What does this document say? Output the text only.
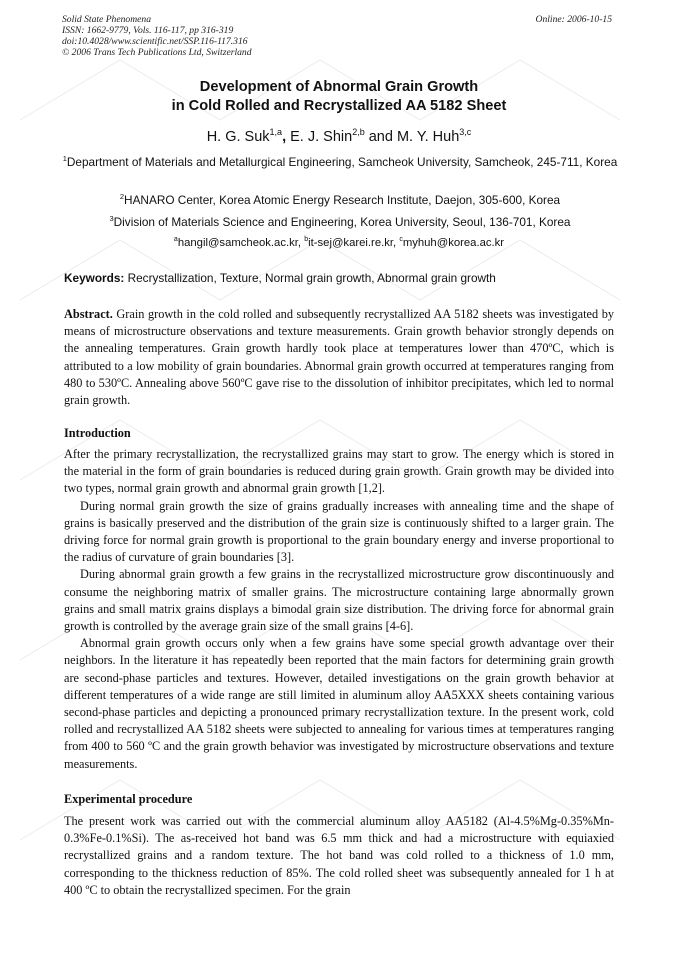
Solid State Phenomena
ISSN: 1662-9779, Vols. 116-117, pp 316-319
doi:10.4028/www.scientific.net/SSP.116-117.316
© 2006 Trans Tech Publications Ltd, Switzerland
Online: 2006-10-15
Development of Abnormal Grain Growth
in Cold Rolled and Recrystallized AA 5182 Sheet
H. G. Suk$^{1,a}$, E. J. Shin$^{2,b}$ and M. Y. Huh$^{3,c}$
$^1$Department of Materials and Metallurgical Engineering, Samcheok University, Samcheok, 245-711, Korea
$^2$HANARO Center, Korea Atomic Energy Research Institute, Daejon, 305-600, Korea
$^3$Division of Materials Science and Engineering, Korea University, Seoul, 136-701, Korea
$^a$hangil@samcheok.ac.kr, $^b$it-sej@karei.re.kr, $^c$myhuh@korea.ac.kr
Keywords: Recrystallization, Texture, Normal grain growth, Abnormal grain growth

Abstract. Grain growth in the cold rolled and subsequently recrystallized AA 5182 sheets was investigated by means of microstructure observations and texture measurements. Grain growth behavior strongly depends on the annealing temperatures. Grain growth hardly took place at temperatures lower than 470ºC, which is attributed to a low mobility of grain boundaries. Abnormal grain growth occurred at temperatures ranging from 480 to 530ºC. Annealing above 560ºC gave rise to the dissolution of inhibitor precipitates, which led to normal grain growth.

Introduction

After the primary recrystallization, the recrystallized grains may start to grow. The energy which is stored in the material in the form of grain boundaries is reduced during grain growth. Grain growth may be divided into two types, normal grain growth and abnormal grain growth [1,2].

During normal grain growth the size of grains gradually increases with annealing time and the shape of grains is basically preserved and the distribution of the grain size is continuously shifted to a larger grain. The driving force for normal grain growth is proportional to the grain boundary energy and inverse proportional to the radius of curvature of grain boundaries [3].

During abnormal grain growth a few grains in the recrystallized microstructure grow discontinuously and consume the neighboring matrix of smaller grains. The microstructure containing large abnormally grown grains and small matrix grains displays a bimodal grain size distribution. The driving force for abnormal grain growth is controlled by the average grain size of the small grains [4-6].

Abnormal grain growth occurs only when a few grains have some special growth advantage over their neighbors. In the literature it has repeatedly been reported that the main factors for determining grain growth are second-phase particles and textures. However, detailed investigations on the grain growth behavior at different temperatures of a wide range are still limited in aluminum alloy AA5XXX sheets containing various second-phase particles and depicting a pronounced primary recrystallization texture. In the present work, cold rolled and recrystallized AA 5182 sheets were subjected to annealing for various times at temperatures ranging from 400 to 560 ºC and the grain growth behavior was investigated by microstructure observations and texture measurements.

Experimental procedure

The present work was carried out with the commercial aluminum alloy AA5182 (Al-4.5%Mg-0.35%Mn-0.3%Fe-0.1%Si). The as-received hot band was 6.5 mm thick and had a microstructure with equiaxied recrystallized grains and a random texture. The hot band was cold rolled to a thickness of 1.0 mm, corresponding to the thickness reduction of 85%. The cold rolled sheet was subsequently annealed for 1 h at 400 ºC to obtain the recrystallized specimen. For the grain
